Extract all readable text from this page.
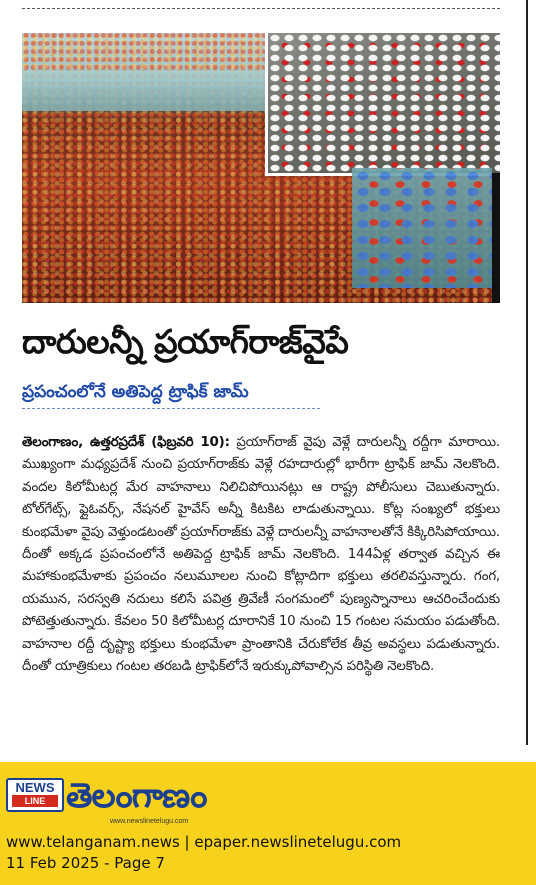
దారులన్నీ ప్రయాగ్‌రాజ్‌వైపే
ప్రపంచంలోనే అతిపెద్ద ట్రాఫిక్ జామ్
తెలంగాణం, ఉత్తరప్రదేశ్ (ఫిబ్రవరి 10): ప్రయాగ్‌రాజ్ వైపు వెళ్లే దారులన్నీ రద్దీగా మారాయి. ముఖ్యంగా మధ్యప్రదేశ్ నుంచి ప్రయాగ్‌రాజ్‌కు వెళ్లే రహదారుల్లో భారీగా ట్రాఫిక్ జామ్ నెలకొంది. వందల కిలోమీటర్ల మేర వాహనాలు నిలిచిపోయినట్లు ఆ రాష్ట్ర పోలీసులు చెబుతున్నారు. టోల్‌గేట్స్, ఫ్లైఓవర్స్, నేషనల్ హైవేస్ అన్నీ కిటకిట లాడుతున్నాయి. కోట్ల సంఖ్యలో భక్తులు కుంభమేళా వైపు వెళ్తుండటంతో ప్రయాగ్‌రాజ్‌కు వెళ్లే దారులన్నీ వాహనాలతోనే కిక్కిరిసిపోయాయి. దీంతో అక్కడ ప్రపంచంలోనే అతిపెద్ద ట్రాఫిక్ జామ్ నెలకొంది. 144ఏళ్ల తర్వాత వచ్చిన ఈ మహాకుంభమేళాకు ప్రపంచం నలుమూలల నుంచి కోట్లాదిగా భక్తులు తరలివస్తున్నారు. గంగ, యమున, సరస్వతి నదులు కలిసే పవిత్ర త్రివేణీ సంగమంలో పుణ్యస్నానాలు ఆచరించేందుకు పోటెత్తుతున్నారు. కేవలం 50 కిలోమీటర్ల దూరానికే 10 నుంచి 15 గంటల సమయం పడుతోంది. వాహనాల రద్దీ దృష్ట్యా భక్తులు కుంభమేళా ప్రాంతానికి చేరుకోలేక తీవ్ర అవస్థలు పడుతున్నారు. దీంతో యాత్రికులు గంటల తరబడి ట్రాఫిక్‌లోనే ఇరుక్కుపోవాల్సిన పరిస్థితి నెలకొంది.
NEWS
LINE తెలంగాణం
www.newslinetelugu.com
www.telanganam.news | epaper.newslinetelugu.com
11 Feb 2025 - Page 7
